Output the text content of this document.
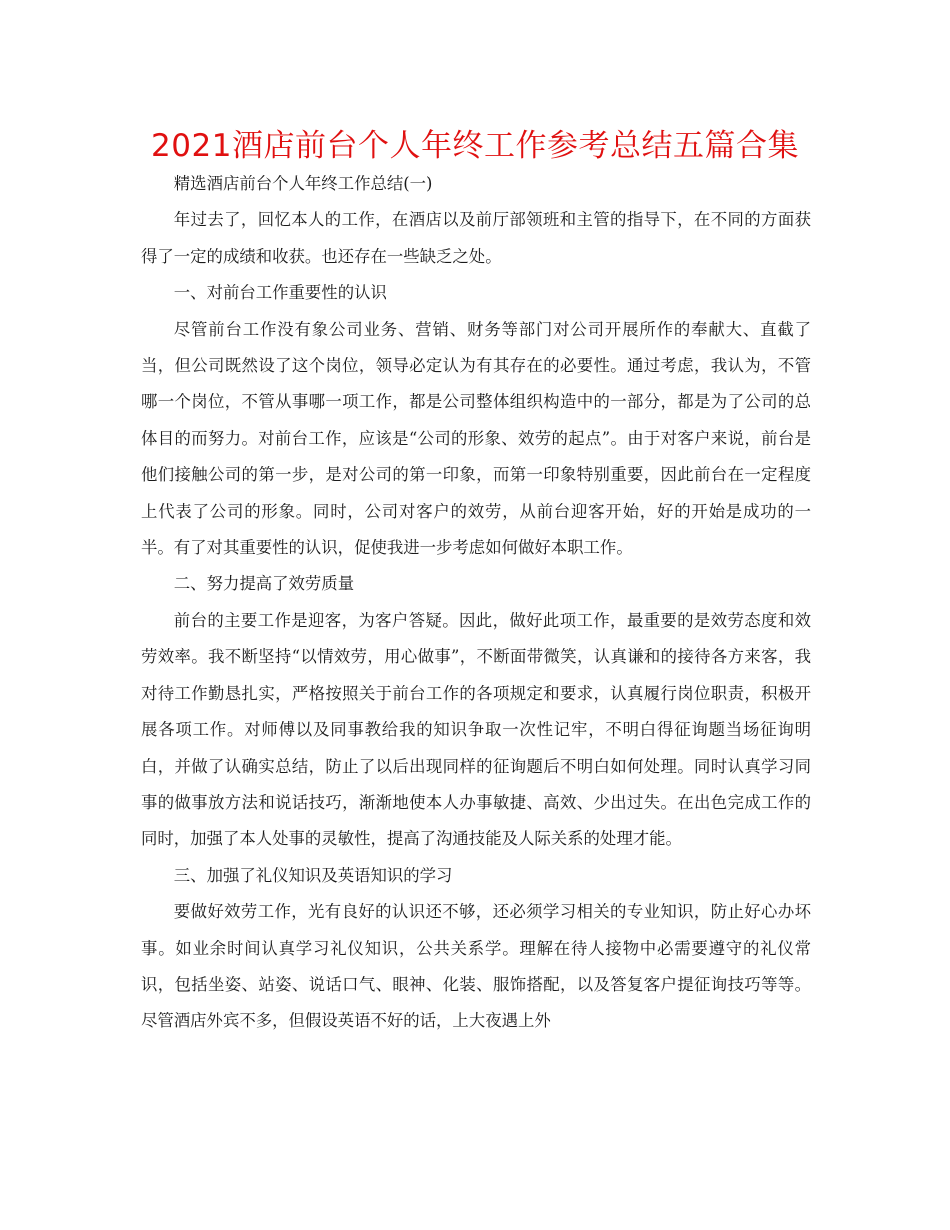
2021酒店前台个人年终工作参考总结五篇合集

精选酒店前台个人年终工作总结(一)

年过去了，回忆本人的工作，在酒店以及前厅部领班和主管的指导下，在不同的方面获得了一定的成绩和收获。也还存在一些缺乏之处。

一、对前台工作重要性的认识

尽管前台工作没有象公司业务、营销、财务等部门对公司开展所作的奉献大、直截了当，但公司既然设了这个岗位，领导必定认为有其存在的必要性。通过考虑，我认为，不管哪一个岗位，不管从事哪一项工作，都是公司整体组织构造中的一部分，都是为了公司的总体目的而努力。对前台工作，应该是“公司的形象、效劳的起点”。由于对客户来说，前台是他们接触公司的第一步，是对公司的第一印象，而第一印象特别重要，因此前台在一定程度上代表了公司的形象。同时，公司对客户的效劳，从前台迎客开始，好的开始是成功的一半。有了对其重要性的认识，促使我进一步考虑如何做好本职工作。

二、努力提高了效劳质量

前台的主要工作是迎客，为客户答疑。因此，做好此项工作，最重要的是效劳态度和效劳效率。我不断坚持“以情效劳，用心做事”，不断面带微笑，认真谦和的接待各方来客，我对待工作勤恳扎实，严格按照关于前台工作的各项规定和要求，认真履行岗位职责，积极开展各项工作。对师傅以及同事教给我的知识争取一次性记牢，不明白得征询题当场征询明白，并做了认确实总结，防止了以后出现同样的征询题后不明白如何处理。同时认真学习同事的做事放方法和说话技巧，渐渐地使本人办事敏捷、高效、少出过失。在出色完成工作的同时，加强了本人处事的灵敏性，提高了沟通技能及人际关系的处理才能。

三、加强了礼仪知识及英语知识的学习

要做好效劳工作，光有良好的认识还不够，还必须学习相关的专业知识，防止好心办坏事。如业余时间认真学习礼仪知识，公共关系学。理解在待人接物中必需要遵守的礼仪常识，包括坐姿、站姿、说话口气、眼神、化装、服饰搭配，以及答复客户提征询技巧等等。尽管酒店外宾不多，但假设英语不好的话，上大夜遇上外
